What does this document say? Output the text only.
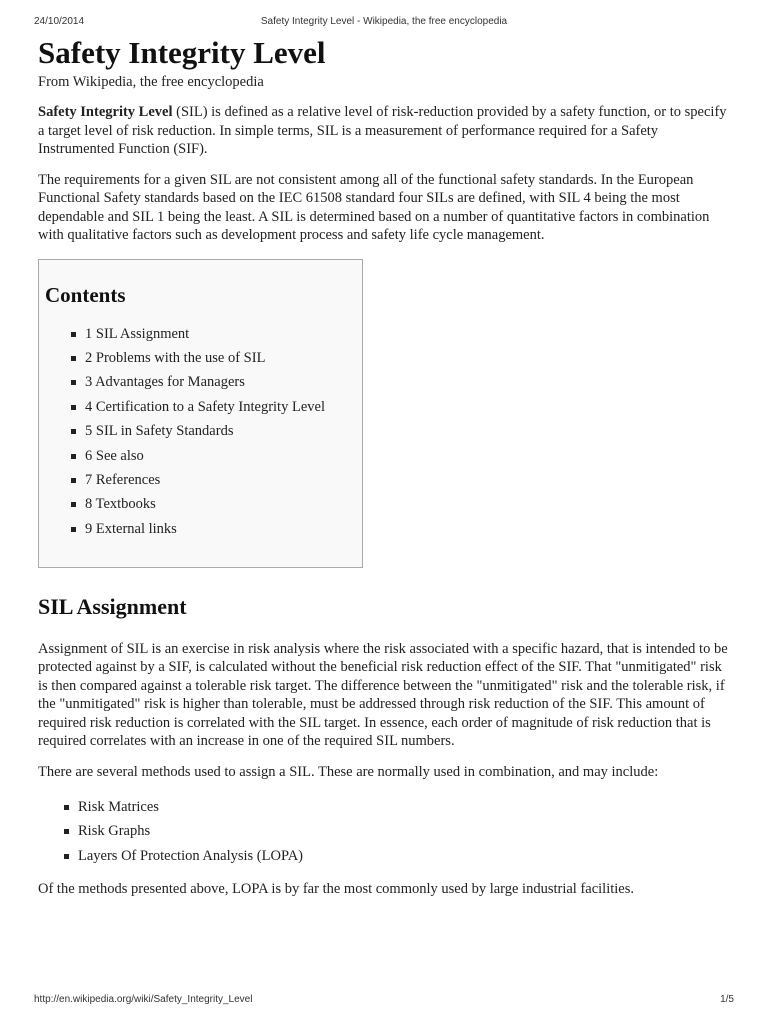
24/10/2014	Safety Integrity Level - Wikipedia, the free encyclopedia
Safety Integrity Level
From Wikipedia, the free encyclopedia

Safety Integrity Level (SIL) is defined as a relative level of risk-reduction provided by a safety function, or to specify a target level of risk reduction. In simple terms, SIL is a measurement of performance required for a Safety Instrumented Function (SIF).

The requirements for a given SIL are not consistent among all of the functional safety standards. In the European Functional Safety standards based on the IEC 61508 standard four SILs are defined, with SIL 4 being the most dependable and SIL 1 being the least. A SIL is determined based on a number of quantitative factors in combination with qualitative factors such as development process and safety life cycle management.

Contents
1 SIL Assignment
2 Problems with the use of SIL
3 Advantages for Managers
4 Certification to a Safety Integrity Level
5 SIL in Safety Standards
6 See also
7 References
8 Textbooks
9 External links
SIL Assignment

Assignment of SIL is an exercise in risk analysis where the risk associated with a specific hazard, that is intended to be protected against by a SIF, is calculated without the beneficial risk reduction effect of the SIF. That "unmitigated" risk is then compared against a tolerable risk target. The difference between the "unmitigated" risk and the tolerable risk, if the "unmitigated" risk is higher than tolerable, must be addressed through risk reduction of the SIF. This amount of required risk reduction is correlated with the SIL target. In essence, each order of magnitude of risk reduction that is required correlates with an increase in one of the required SIL numbers.

There are several methods used to assign a SIL. These are normally used in combination, and may include:

Risk Matrices
Risk Graphs
Layers Of Protection Analysis (LOPA)

Of the methods presented above, LOPA is by far the most commonly used by large industrial facilities.

http://en.wikipedia.org/wiki/Safety_Integrity_Level	1/5
